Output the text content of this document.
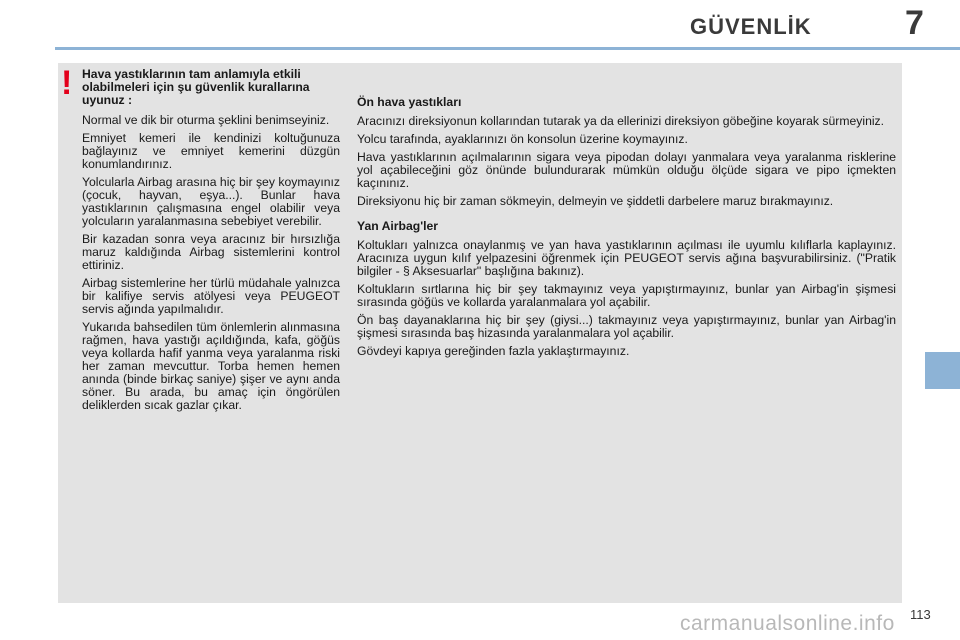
GÜVENLİK	7
! Hava yastıklarının tam anlamıyla etkili olabilmeleri için şu güvenlik kurallarına uyunuz :

Normal ve dik bir oturma şeklini benimseyiniz.

Emniyet kemeri ile kendinizi koltuğunuza bağlayınız ve emniyet kemerini düzgün konumlandırınız.

Yolcularla Airbag arasına hiç bir şey koymayınız (çocuk, hayvan, eşya...). Bunlar hava yastıklarının çalışmasına engel olabilir veya yolcuların yaralanmasına sebebiyet verebilir.

Bir kazadan sonra veya aracınız bir hırsızlığa maruz kaldığında Airbag sistemlerini kontrol ettiriniz.

Airbag sistemlerine her türlü müdahale yalnızca bir kalifiye servis atölyesi veya PEUGEOT servis ağında yapılmalıdır.

Yukarıda bahsedilen tüm önlemlerin alınmasına rağmen, hava yastığı açıldığında, kafa, göğüs veya kollarda hafif yanma veya yaralanma riski her zaman mevcuttur. Torba hemen hemen anında (binde birkaç saniye) şişer ve aynı anda söner. Bu arada, bu amaç için öngörülen deliklerden sıcak gazlar çıkar.

Ön hava yastıkları

Aracınızı direksiyonun kollarından tutarak ya da ellerinizi direksiyon göbeğine koyarak sürmeyiniz.

Yolcu tarafında, ayaklarınızı ön konsolun üzerine koymayınız.

Hava yastıklarının açılmalarının sigara veya pipodan dolayı yanmalara veya yaralanma risklerine yol açabileceğini göz önünde bulundurarak mümkün olduğu ölçüde sigara ve pipo içmekten kaçınınız.

Direksiyonu hiç bir zaman sökmeyin, delmeyin ve şiddetli darbelere maruz bırakmayınız.

Yan Airbag'ler

Koltukları yalnızca onaylanmış ve yan hava yastıklarının açılması ile uyumlu kılıflarla kaplayınız. Aracınıza uygun kılıf yelpazesini öğrenmek için PEUGEOT servis ağına başvurabilirsiniz. ("Pratik bilgiler - § Aksesuarlar" başlığına bakınız).

Koltukların sırtlarına hiç bir şey takmayınız veya yapıştırmayınız, bunlar yan Airbag'in şişmesi sırasında göğüs ve kollarda yaralanmalara yol açabilir.

Ön baş dayanaklarına hiç bir şey (giysi...) takmayınız veya yapıştırmayınız, bunlar yan Airbag'in şişmesi sırasında baş hizasında yaralanmalara yol açabilir.

Gövdeyi kapıya gereğinden fazla yaklaştırmayınız.

113
carmanualsonline.info
